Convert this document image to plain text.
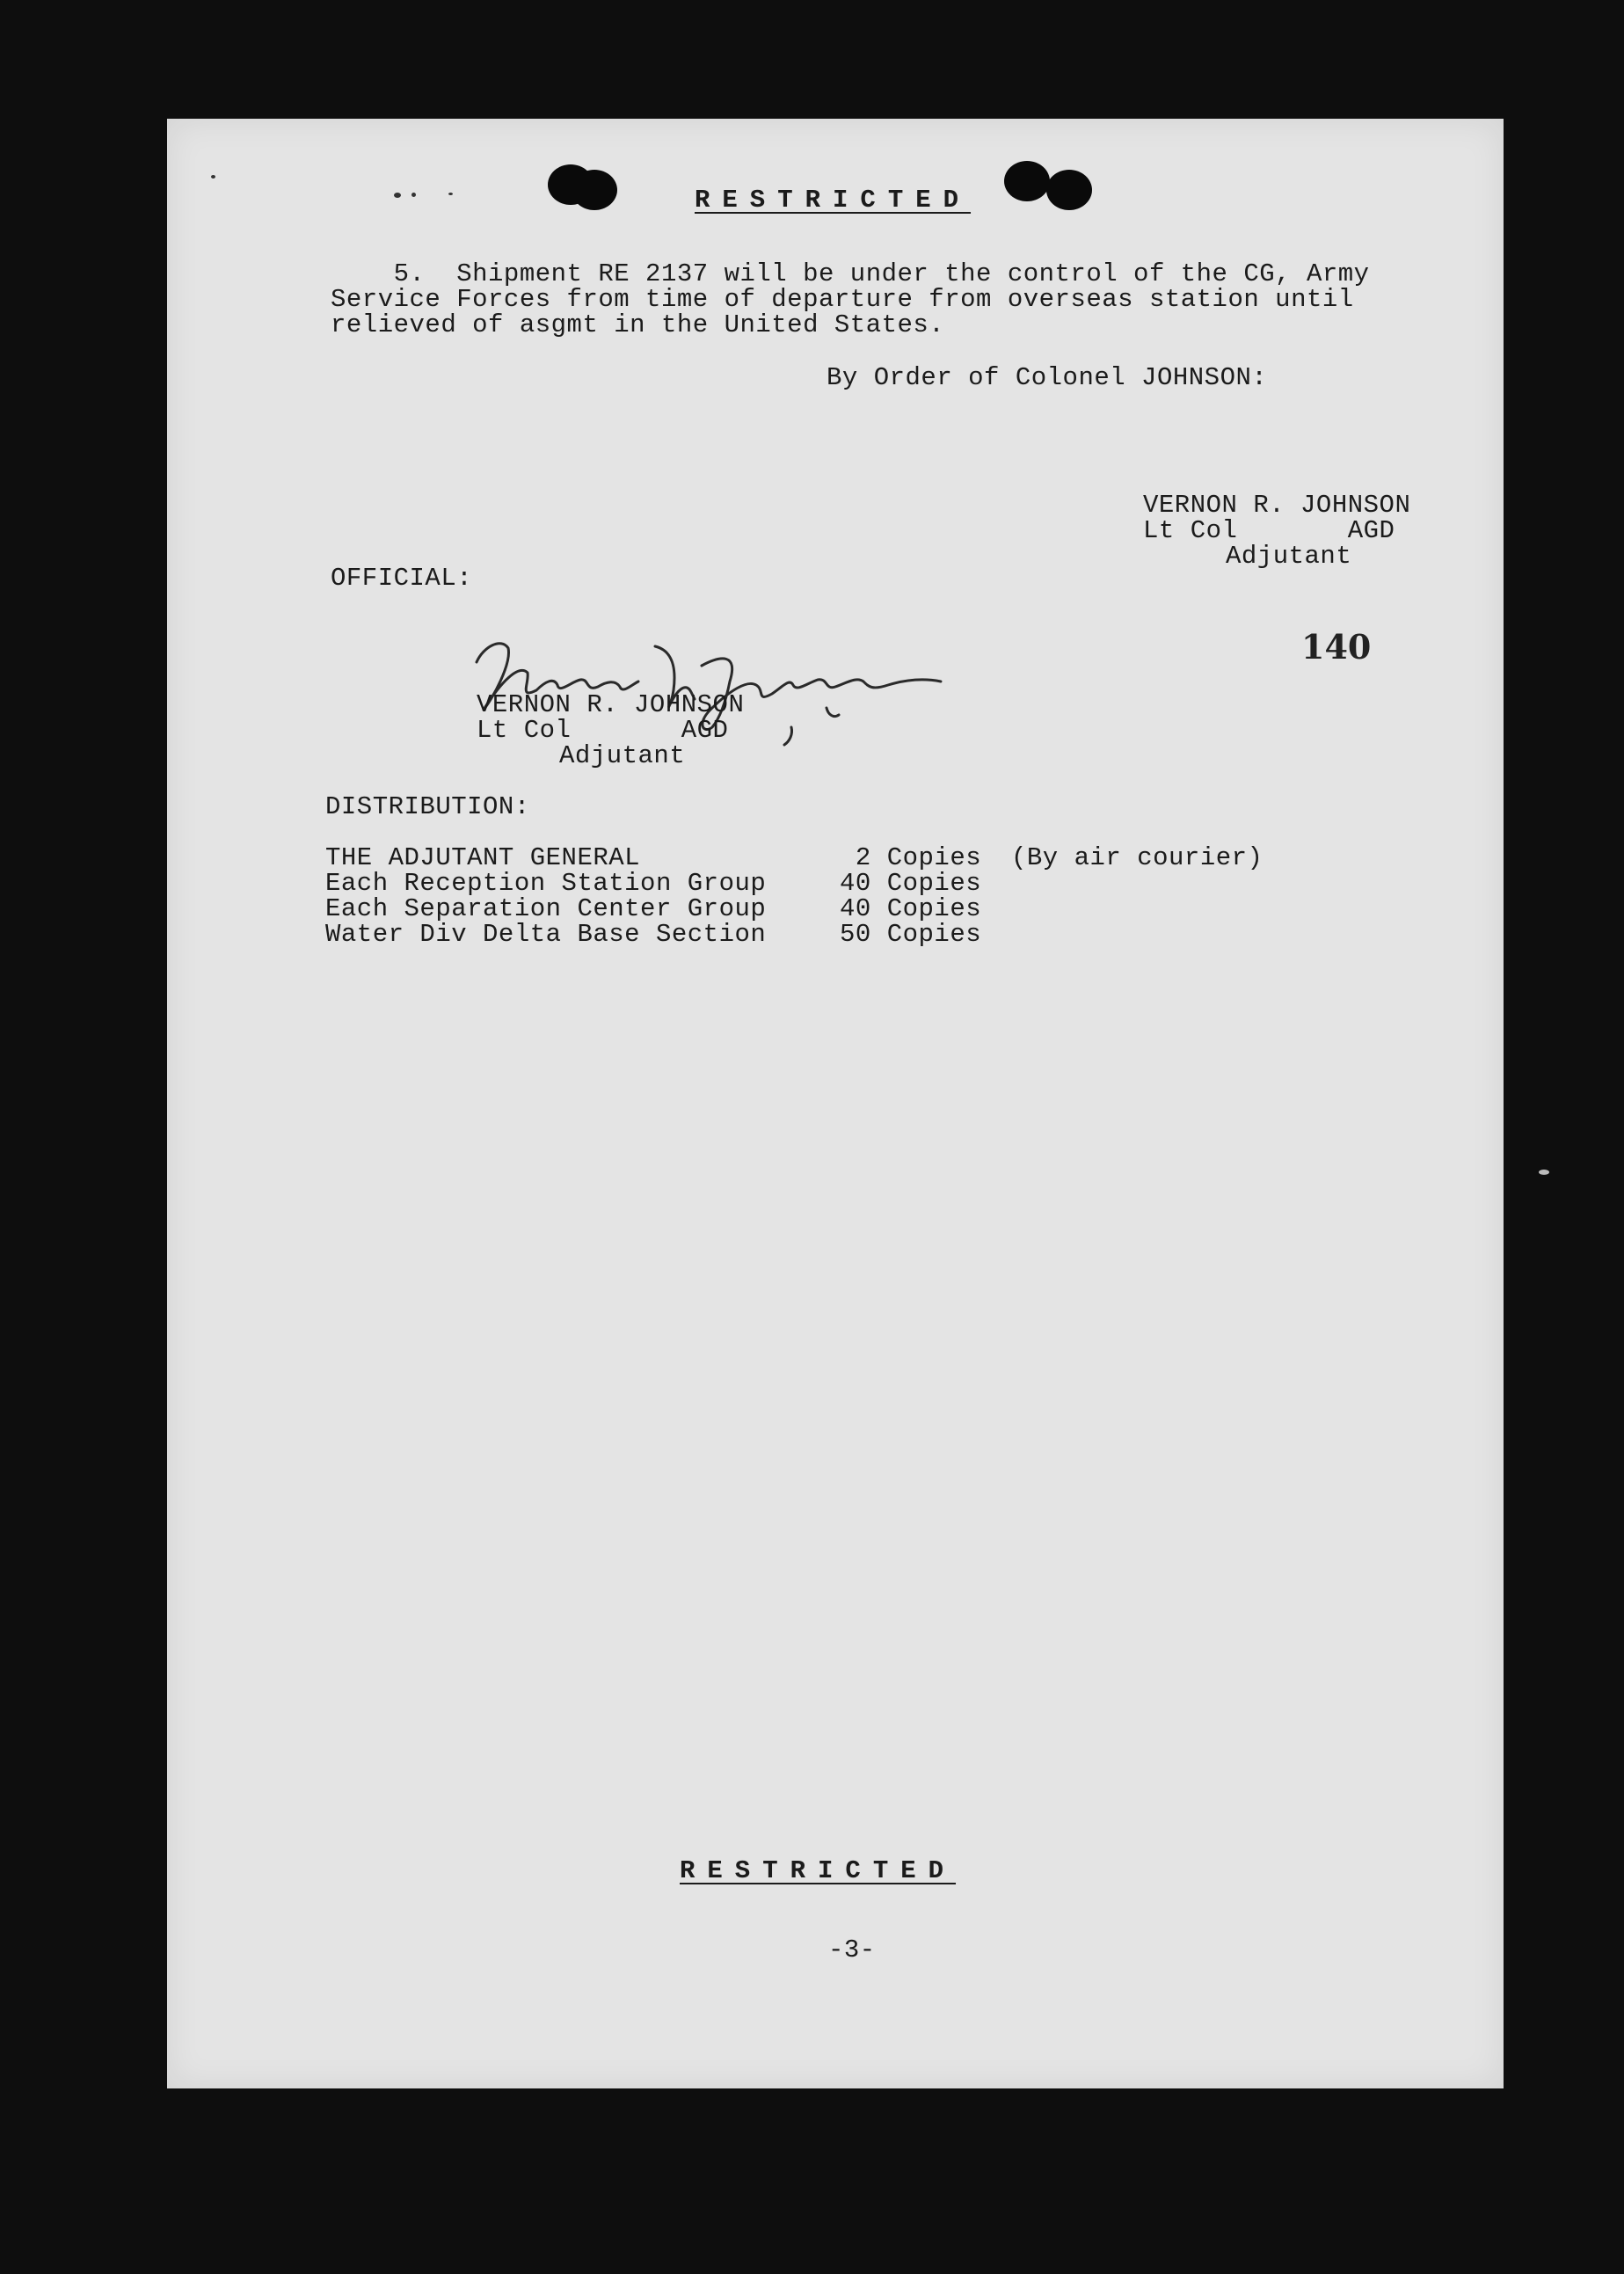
RESTRICTED
5.  Shipment RE 2137 will be under the control of the CG, Army
Service Forces from time of departure from overseas station until
relieved of asgmt in the United States.
By Order of Colonel JOHNSON:
VERNON R. JOHNSON
Lt Col       AGD
Adjutant
OFFICIAL:
140
VERNON R. JOHNSON
Lt Col       AGD
Adjutant
DISTRIBUTION:
THE ADJUTANT GENERAL	2 Copies (By air courier)
Each Reception Station Group	40 Copies
Each Separation Center Group	40 Copies
Water Div Delta Base Section	50 Copies
RESTRICTED
-3-
